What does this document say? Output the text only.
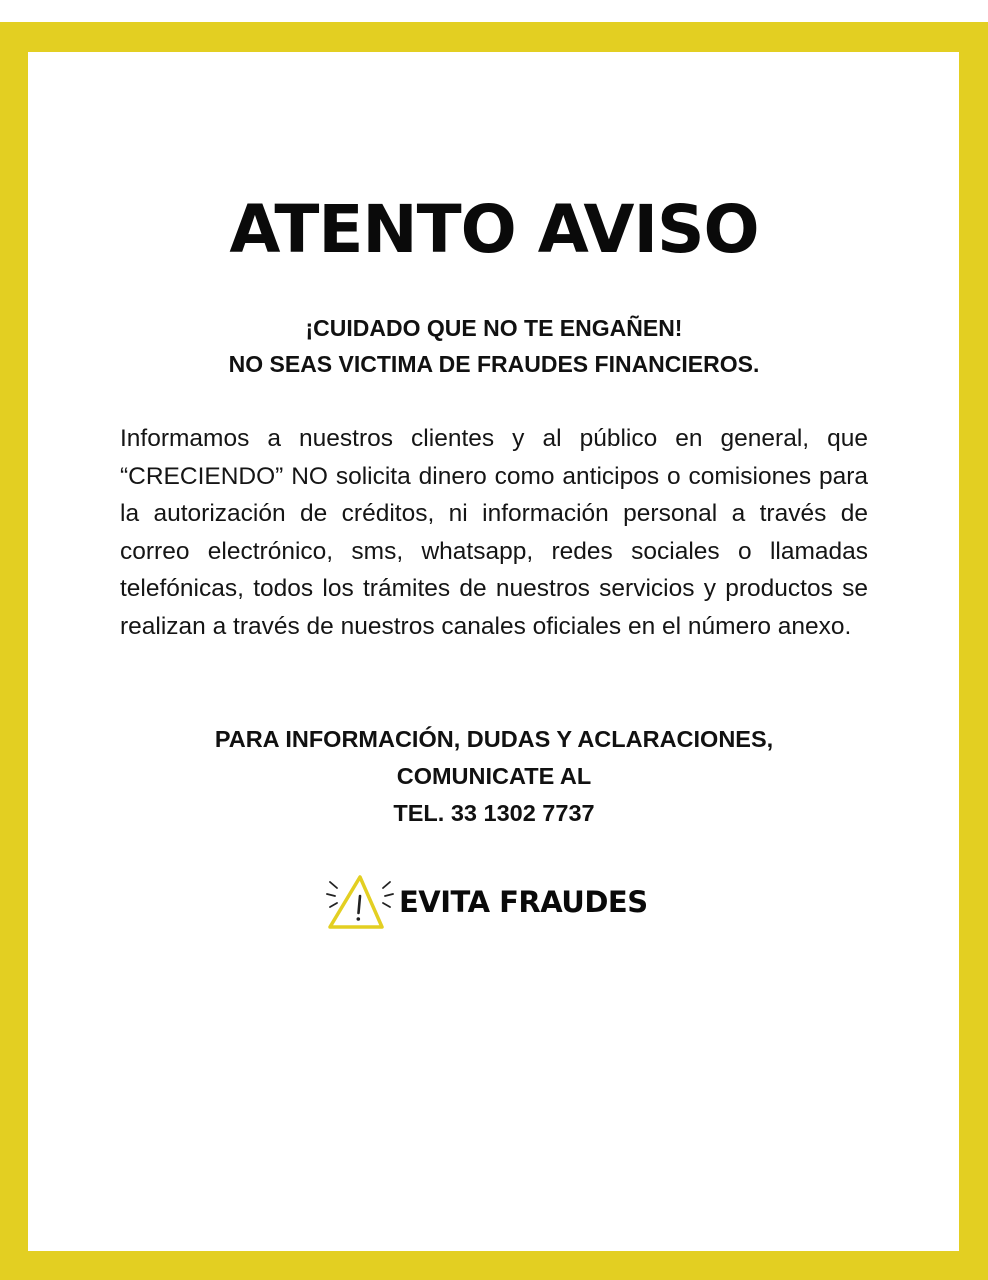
ATENTO AVISO
¡CUIDADO QUE NO TE ENGAÑEN!
NO SEAS VICTIMA DE FRAUDES FINANCIEROS.
Informamos a nuestros clientes y al público en general, que “CRECIENDO” NO solicita dinero como anticipos o comisiones para la autorización de créditos, ni información personal a través de correo electrónico, sms, whatsapp, redes sociales o llamadas telefónicas, todos los trámites de nuestros servicios y productos se realizan a través de nuestros canales oficiales en el número anexo.
PARA INFORMACIÓN, DUDAS Y ACLARACIONES,
COMUNICATE AL
TEL. 33 1302 7737
EVITA FRAUDES
